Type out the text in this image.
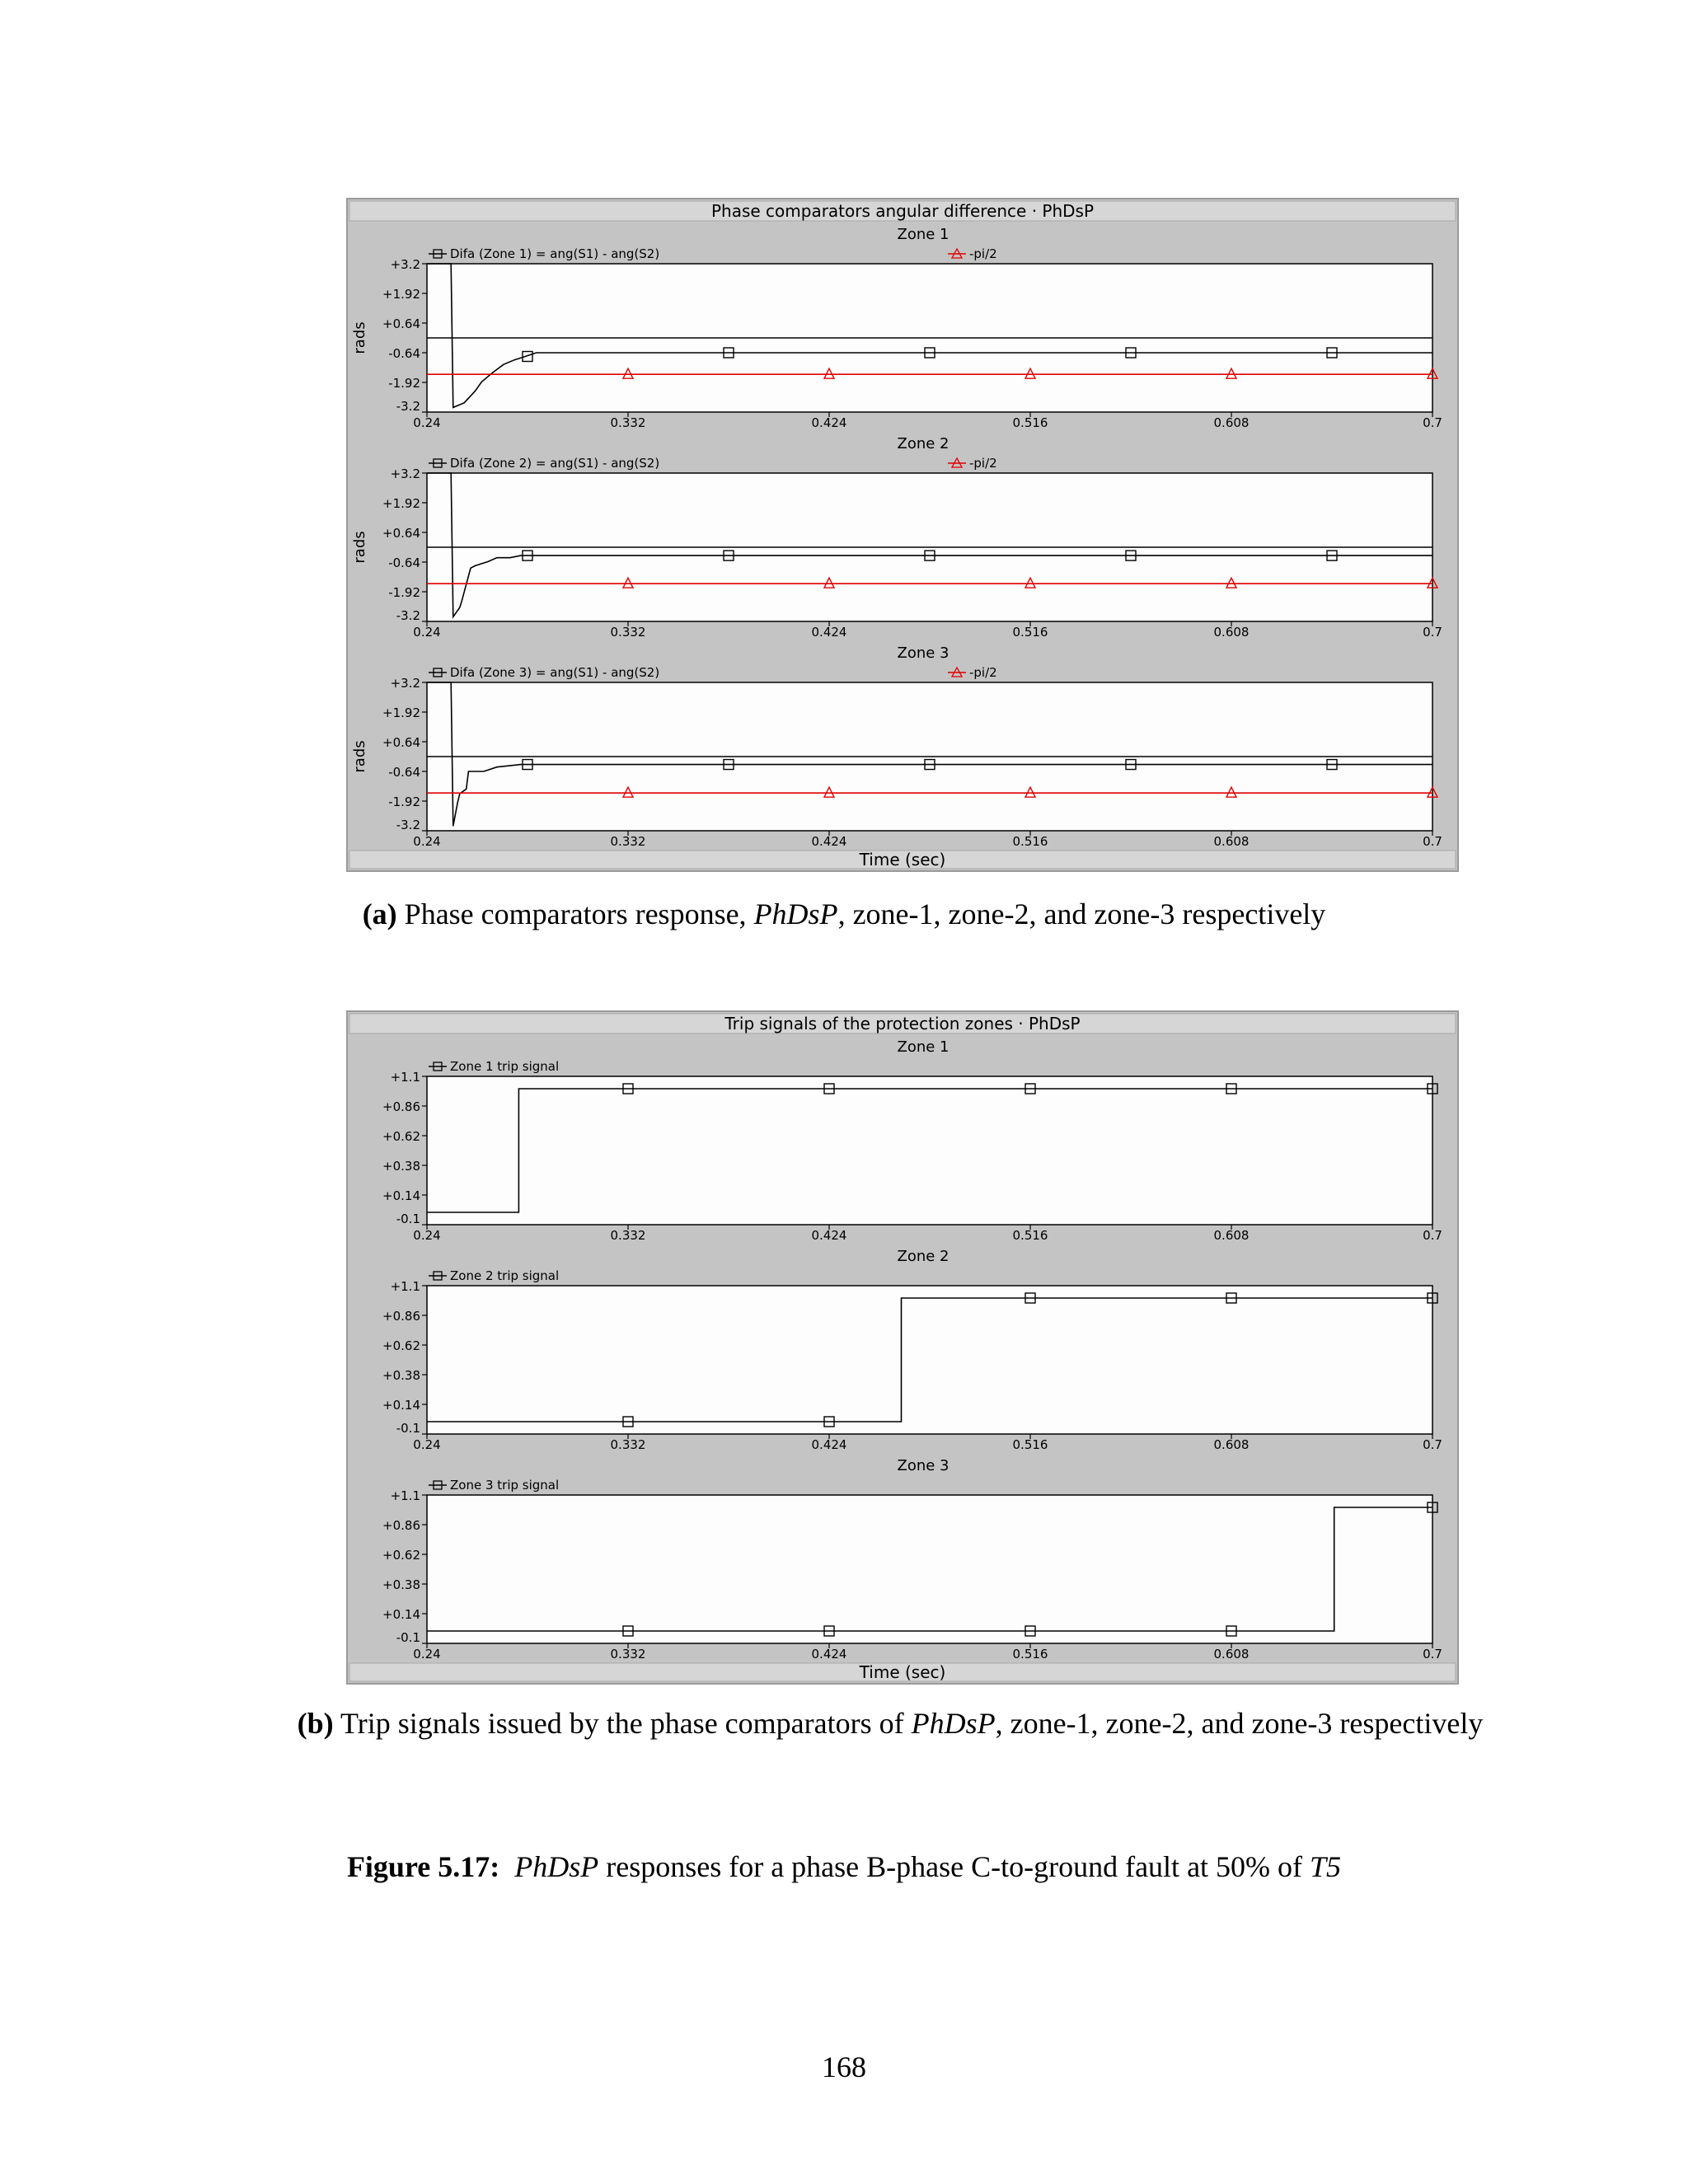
Phase comparators angular difference · PhDsP
Time (sec)
Zone 1
+3.2
+1.92
+0.64
-0.64
-1.92
-3.2
0.24	0.332	0.424	0.516	0.608	0.7
rads
Difa (Zone 1) = ang(S1) - ang(S2)	-pi/2
Zone 2
+3.2
+1.92
+0.64
-0.64
-1.92
-3.2
0.24	0.332	0.424	0.516	0.608	0.7
rads
Difa (Zone 2) = ang(S1) - ang(S2)	-pi/2
Zone 3
+3.2
+1.92
+0.64
-0.64
-1.92
-3.2
0.24	0.332	0.424	0.516	0.608	0.7
rads
Difa (Zone 3) = ang(S1) - ang(S2)	-pi/2
(a) Phase comparators response, PhDsP, zone-1, zone-2, and zone-3 respectively
Trip signals of the protection zones · PhDsP
Time (sec)
Zone 1
+1.1
+0.86
+0.62
+0.38
+0.14
-0.1
0.24	0.332	0.424	0.516	0.608	0.7
Zone 1 trip signal
Zone 2
+1.1
+0.86
+0.62
+0.38
+0.14
-0.1
0.24	0.332	0.424	0.516	0.608	0.7
Zone 2 trip signal
Zone 3
+1.1
+0.86
+0.62
+0.38
+0.14
-0.1
0.24	0.332	0.424	0.516	0.608	0.7
Zone 3 trip signal
(b) Trip signals issued by the phase comparators of PhDsP, zone-1, zone-2, and zone-3 respectively
Figure 5.17: PhDsP responses for a phase B-phase C-to-ground fault at 50% of T5
168
